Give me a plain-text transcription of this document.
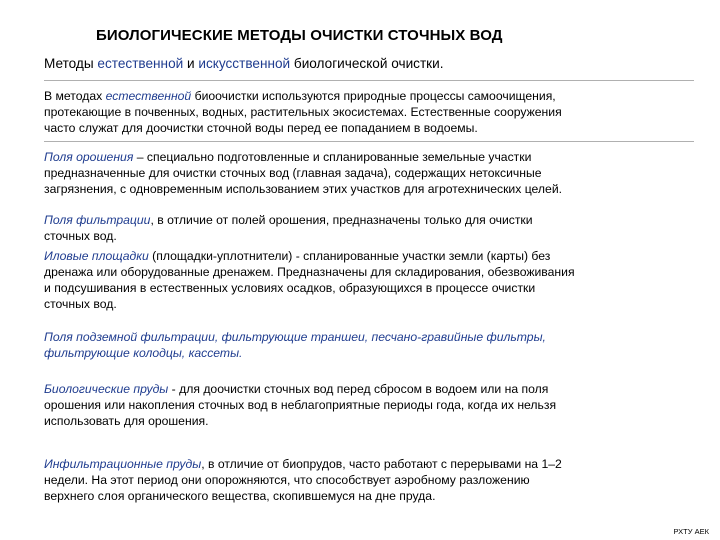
БИОЛОГИЧЕСКИЕ МЕТОДЫ ОЧИСТКИ СТОЧНЫХ ВОД
Методы естественной и искусственной биологической очистки.
В методах естественной биоочистки используются природные процессы самоочищения,
протекающие в почвенных, водных, растительных экосистемах. Естественные сооружения
часто служат для доочистки сточной воды перед ее попаданием в водоемы.
Поля орошения – специально подготовленные и спланированные земельные участки
предназначенные для очистки сточных вод (главная задача), содержащих нетоксичные
загрязнения, с одновременным использованием этих участков для агротехнических целей.
Поля фильтрации, в отличие от полей орошения, предназначены только для очистки
сточных вод.
Иловые площадки (площадки-уплотнители) - спланированные участки земли (карты) без
дренажа или оборудованные дренажем. Предназначены для складирования, обезвоживания
и подсушивания в естественных условиях осадков, образующихся в процессе очистки
сточных вод.
Поля подземной фильтрации, фильтрующие траншеи, песчано-гравийные фильтры,
фильтрующие колодцы, кассеты.
Биологические пруды - для доочистки сточных вод перед сбросом в водоем или на поля
орошения или накопления сточных вод в неблагоприятные периоды года, когда их нельзя
использовать для орошения.
Инфильтрационные пруды, в отличие от биопрудов, часто работают с перерывами на 1–2
недели. На этот период они опорожняются, что способствует аэробному разложению
верхнего слоя органического вещества, скопившемуся на дне пруда.
РХТУ АЕК
